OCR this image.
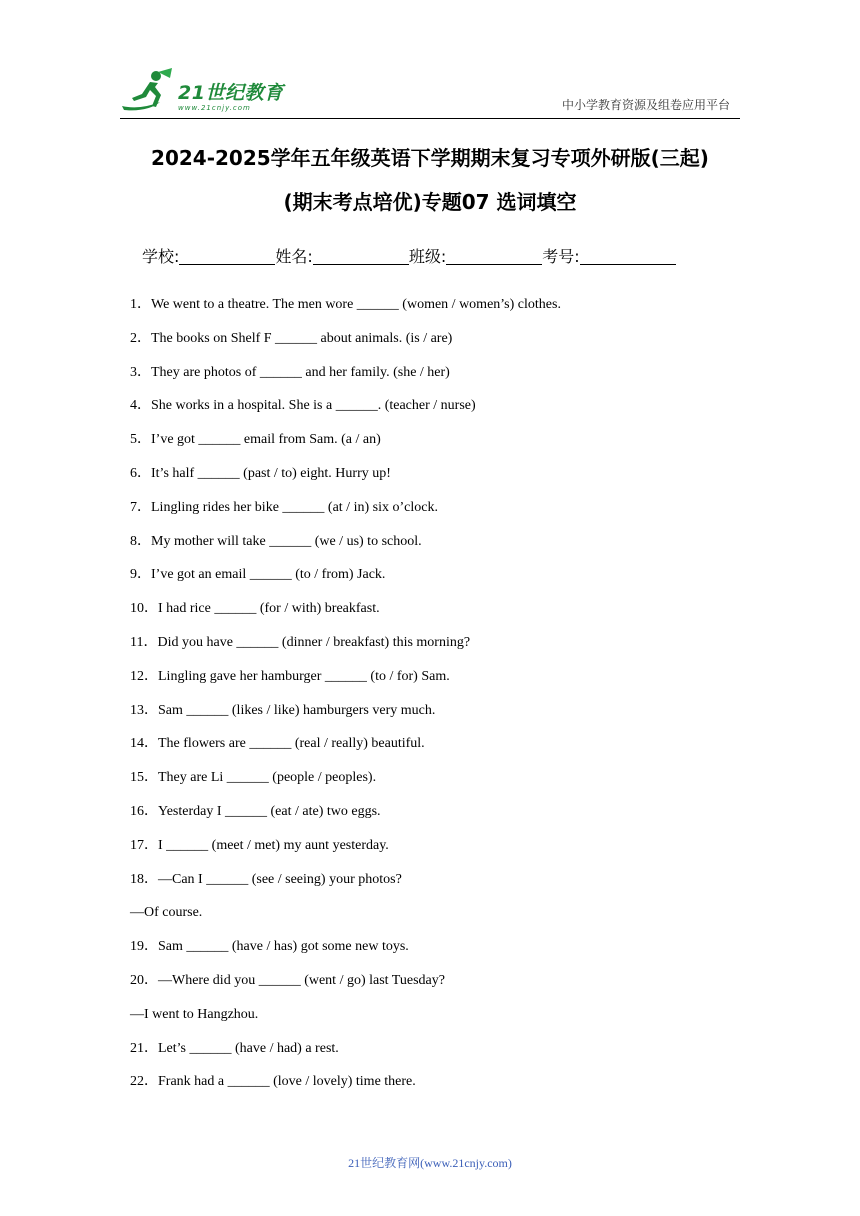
21世纪教育
www.21cnjy.com	中小学教育资源及组卷应用平台
2024-2025学年五年级英语下学期期末复习专项外研版(三起)
(期末考点培优)专题07 选词填空
学校:	姓名:	班级:	考号:
1．We went to a theatre. The men wore ______ (women / women’s) clothes.
2．The books on Shelf F ______ about animals. (is / are)
3．They are photos of ______ and her family. (she / her)
4．She works in a hospital. She is a ______. (teacher / nurse)
5．I’ve got ______ email from Sam. (a / an)
6．It’s half ______ (past / to) eight. Hurry up!
7．Lingling rides her bike ______ (at / in) six o’clock.
8．My mother will take ______ (we / us) to school.
9．I’ve got an email ______ (to / from) Jack.
10．I had rice ______ (for / with) breakfast.
11．Did you have ______ (dinner / breakfast) this morning?
12．Lingling gave her hamburger ______ (to / for) Sam.
13．Sam ______ (likes / like) hamburgers very much.
14．The flowers are ______ (real / really) beautiful.
15．They are Li ______ (people / peoples).
16．Yesterday I ______ (eat / ate) two eggs.
17．I ______ (meet / met) my aunt yesterday.
18．—Can I ______ (see / seeing) your photos?
—Of course.
19．Sam ______ (have / has) got some new toys.
20．—Where did you ______ (went / go) last Tuesday?
—I went to Hangzhou.
21．Let’s ______ (have / had) a rest.
22．Frank had a ______ (love / lovely) time there.
21世纪教育网(www.21cnjy.com)
